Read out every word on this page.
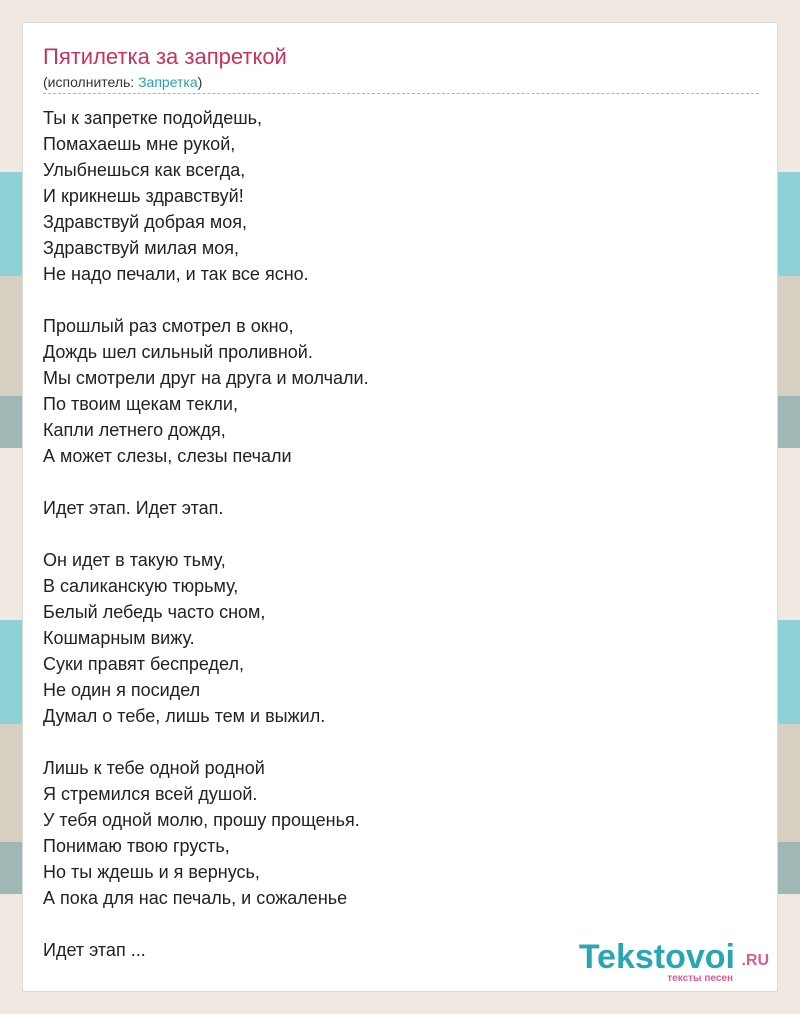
Пятилетка за запреткой
(исполнитель: Запретка)
Ты к запретке подойдешь,
Помахаешь мне рукой,
Улыбнешься как всегда,
И крикнешь здравствуй!
Здравствуй добрая моя,
Здравствуй милая моя,
Не надо печали, и так все ясно.
Прошлый раз смотрел в окно,
Дождь шел сильный проливной.
Мы смотрели друг на друга и молчали.
По твоим щекам текли,
Капли летнего дождя,
А может слезы, слезы печали
Идет этап. Идет этап.
Он идет в такую тьму,
В саликанскую тюрьму,
Белый лебедь часто сном,
Кошмарным вижу.
Суки правят беспредел,
Не один я посидел
Думал о тебе, лишь тем и выжил.
Лишь к тебе одной родной
Я стремился всей душой.
У тебя одной молю, прошу прощенья.
Понимаю твою грусть,
Но ты ждешь и я вернусь,
А пока для нас печаль, и сожаленье
Идет этап ...	Tekstovoi .RU
тексты песен
